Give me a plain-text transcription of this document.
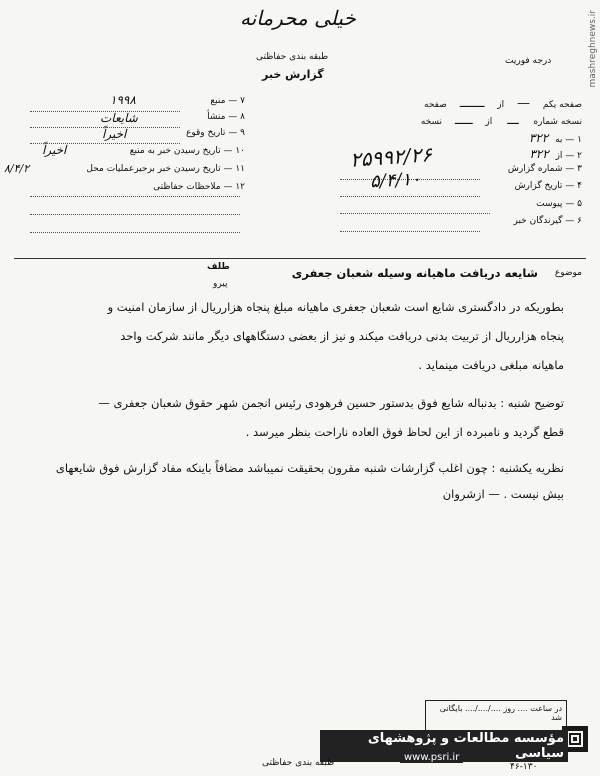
خیلی محرمانه
طبقه بندی حفاظتی
گزارش خبر
درجه فوریت
۷ — منبع
۱۹۹۸
۸ — منشأ
شایعات
۹ — تاریخ وقوع
اخیراً
۱۰ — تاریخ رسیدن خبر به منبع
اخیراً
۱۱ — تاریخ رسیدن خبر برحیرعملیات محل
۸/۴/۲
۱۲ — ملاحظات حفاظتی
صفحه یکم — از ـــــــ صفحه
نسخه شماره ـــ از ـــــ نسخه
۱ — به ۳۲۲
۲ — از ۳۲۲
۳ — شماره گزارش
۴ — تاریخ گزارش
۵ — پیوست
۶ — گیرندگان خبر
۲۵۹۹۲/۲۶
۵/۴/۱۰
طلف
پیرو
موضوع
شایعه دریافت ماهیانه وسیله شعبان جعفری
بطوریکه در دادگستری شایع است شعبان جعفری ماهیانه مبلغ پنجاه هزارریال از سازمان امنیت و
پنجاه هزارریال از تربیت بدنی دریافت میکند و نیز از بعضی دستگاههای دیگر مانند شرکت واحد
ماهیانه مبلغی دریافت مینماید .
توضیح شنبه : بدنباله شایع فوق بدستور حسین فرهودی رئیس انجمن شهر حقوق شعبان جعفری —
قطع گردید و نامبرده از این لحاظ فوق العاده ناراحت بنظر میرسد .
نظریه یکشنبه : چون اغلب گزارشات شنبه مقرون بحقیقت نمیباشد مضافاً باینکه مفاد گزارش فوق شایعهای
بیش نیست . — ازشروان
در ساعت .... روز ..../..../.... بایگانی شد
مؤسسه مطالعات و پژوهشهای سیاسی
www.psri.ir
طبقه بندی حفاظتی	۴۶-۱۳۰
mashreghnews.ir
